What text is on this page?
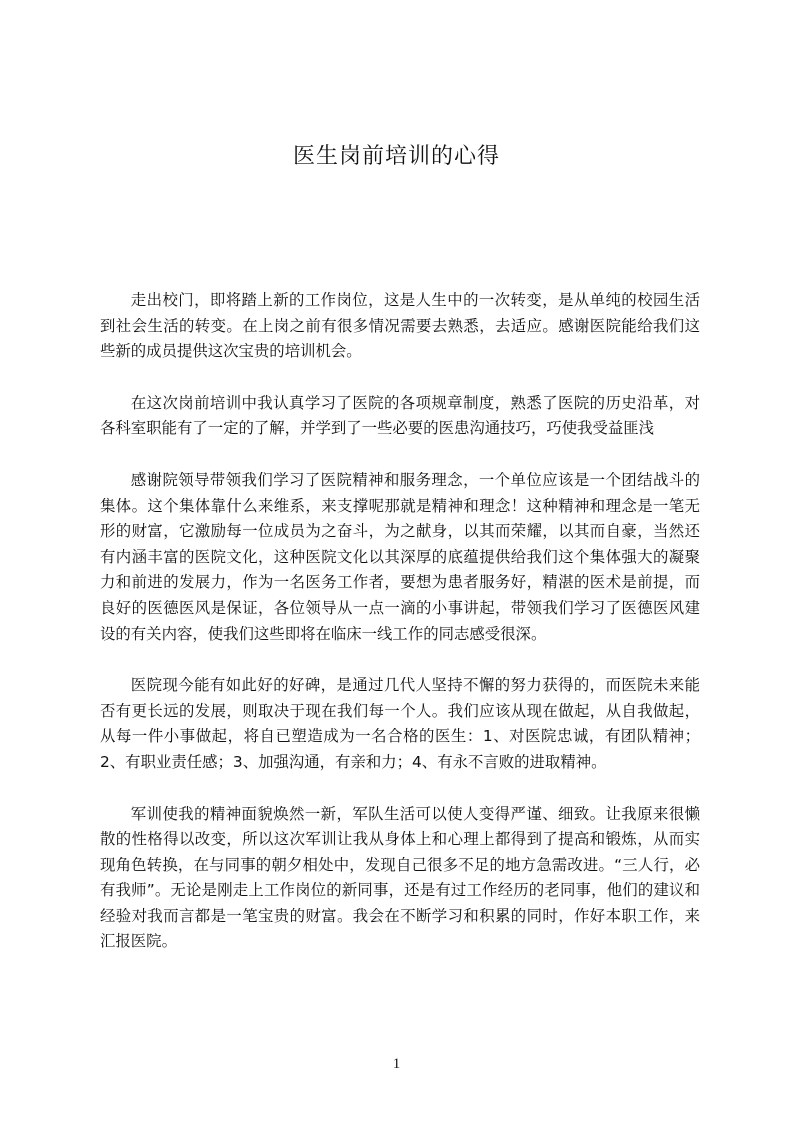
医生岗前培训的心得

走出校门，即将踏上新的工作岗位，这是人生中的一次转变，是从单纯的校园生活到社会生活的转变。在上岗之前有很多情况需要去熟悉，去适应。感谢医院能给我们这些新的成员提供这次宝贵的培训机会。

在这次岗前培训中我认真学习了医院的各项规章制度，熟悉了医院的历史沿革，对各科室职能有了一定的了解，并学到了一些必要的医患沟通技巧，巧使我受益匪浅

感谢院领导带领我们学习了医院精神和服务理念，一个单位应该是一个团结战斗的集体。这个集体靠什么来维系，来支撑呢那就是精神和理念！这种精神和理念是一笔无形的财富，它激励每一位成员为之奋斗，为之献身，以其而荣耀，以其而自豪，当然还有内涵丰富的医院文化，这种医院文化以其深厚的底蕴提供给我们这个集体强大的凝聚力和前进的发展力，作为一名医务工作者，要想为患者服务好，精湛的医术是前提，而良好的医德医风是保证，各位领导从一点一滴的小事讲起，带领我们学习了医德医风建设的有关内容，使我们这些即将在临床一线工作的同志感受很深。

医院现今能有如此好的好碑，是通过几代人坚持不懈的努力获得的，而医院未来能否有更长远的发展，则取决于现在我们每一个人。我们应该从现在做起，从自我做起，从每一件小事做起，将自已塑造成为一名合格的医生：1、对医院忠诚，有团队精神；2、有职业责任感；3、加强沟通，有亲和力；4、有永不言败的进取精神。

军训使我的精神面貌焕然一新，军队生活可以使人变得严谨、细致。让我原来很懒散的性格得以改变，所以这次军训让我从身体上和心理上都得到了提高和锻炼，从而实现角色转换，在与同事的朝夕相处中，发现自己很多不足的地方急需改进。“三人行，必有我师”。无论是刚走上工作岗位的新同事，还是有过工作经历的老同事，他们的建议和经验对我而言都是一笔宝贵的财富。我会在不断学习和积累的同时，作好本职工作，来汇报医院。

1
